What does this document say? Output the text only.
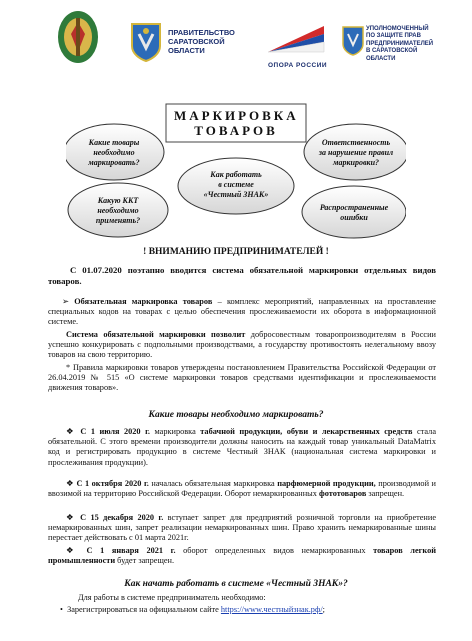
ПРАВИТЕЛЬСТВО
САРАТОВСКОЙ
ОБЛАСТИ
ОПОРА РОССИИ
УПОЛНОМОЧЕННЫЙ
ПО ЗАЩИТЕ ПРАВ
ПРЕДПРИНИМАТЕЛЕЙ
В САРАТОВСКОЙ
ОБЛАСТИ
Какие товары
необходимо
маркировать?
Ответственность
за нарушение правил
маркировки?
Как работать
в системе
«Честный ЗНАК»
Какую ККТ
необходимо
применять?
Распространенные
ошибки
МАРКИРОВКА
ТОВАРОВ
! ВНИМАНИЮ ПРЕДПРИНИМАТЕЛЕЙ !
С 01.07.2020 поэтапно вводится система обязательной маркировки отдельных видов товаров.
➢ Обязательная маркировка товаров – комплекс мероприятий, направленных на проставление специальных кодов на товарах с целью обеспечения прослеживаемости их оборота в информационной системе.
Система обязательной маркировки позволит добросовестным товаропроизводителям в России успешно конкурировать с подпольными производствами, а государству противостоять нелегальному ввозу товаров на свою территорию.
* Правила маркировки товаров утверждены постановлением Правительства Российской Федерации от 26.04.2019 № 515 «О системе маркировки товаров средствами идентификации и прослеживаемости движения товаров».
Какие товары необходимо маркировать?
❖ С 1 июля 2020 г. маркировка табачной продукции, обуви и лекарственных средств стала обязательной. С этого времени производители должны наносить на каждый товар уникальный DataMatrix код и регистрировать продукцию в системе Честный ЗНАК (национальная система маркировки и прослеживания продукции).
❖ С 1 октября 2020 г. началась обязательная маркировка парфюмерной продукции, производимой и ввозимой на территорию Российской Федерации. Оборот немаркированных фототоваров запрещен.
❖ С 15 декабря 2020 г. вступает запрет для предприятий розничной торговли на приобретение немаркированных шин, запрет реализации немаркированных шин. Право хранить немаркированные шины перестает действовать с 01 марта 2021г.
❖ С 1 января 2021 г. оборот определенных видов немаркированных товаров легкой промышленности будет запрещен.
Как начать работать в системе «Честный ЗНАК»?
Для работы в системе предприниматель необходимо:
•  Зарегистрироваться на официальном сайте https://www.честныйзнак.рф/;
